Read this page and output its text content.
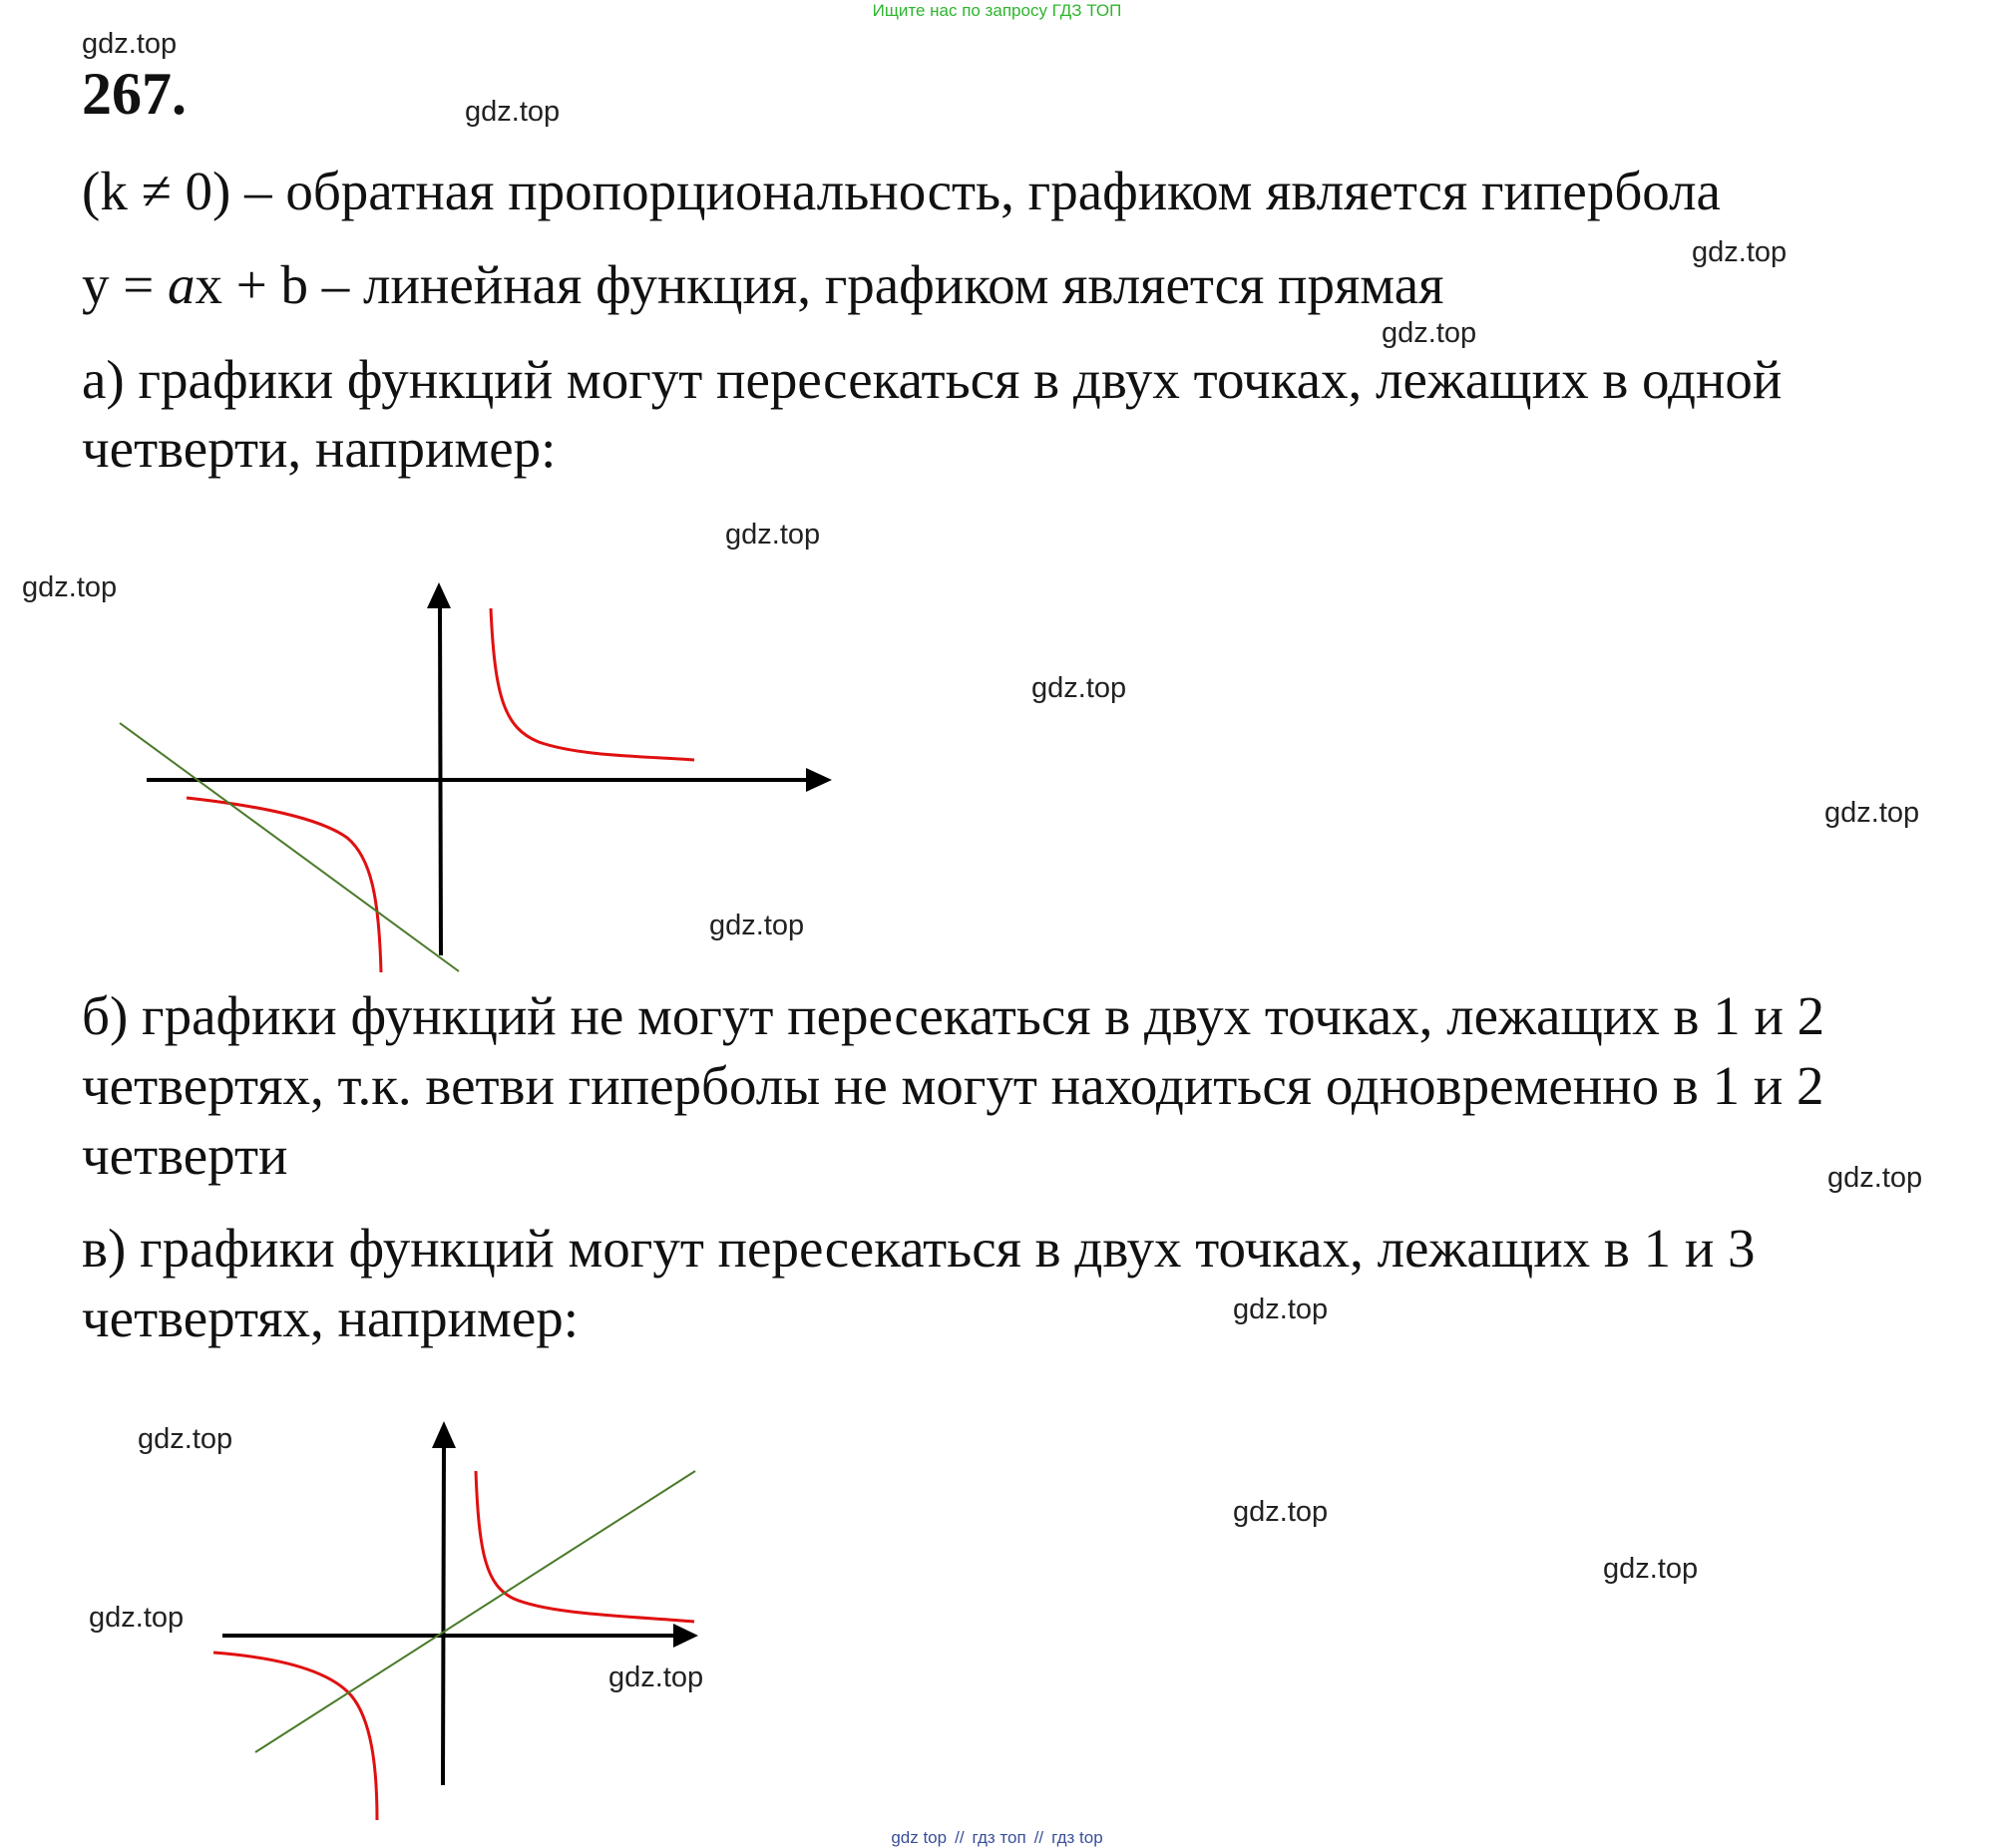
Ищите нас по запросу ГДЗ ТОП
267.
(k ≠ 0) – обратная пропорциональность, графиком является гипербола
y = ax + b – линейная функция, графиком является прямая
а) графики функций могут пересекаться в двух точках, лежащих в одной
четверти, например:
б) графики функций не могут пересекаться в двух точках, лежащих в 1 и 2
четвертях, т.к. ветви гиперболы не могут находиться одновременно в 1 и 2
четверти
в) графики функций могут пересекаться в двух точках, лежащих в 1 и 3
четвертях, например:
gdz.top
gdz.top
gdz.top
gdz.top
gdz.top
gdz.top
gdz.top
gdz.top
gdz.top
gdz.top
gdz.top
gdz.top
gdz.top
gdz.top
gdz.top
gdz.top
gdz top // гдз топ // гдз top
